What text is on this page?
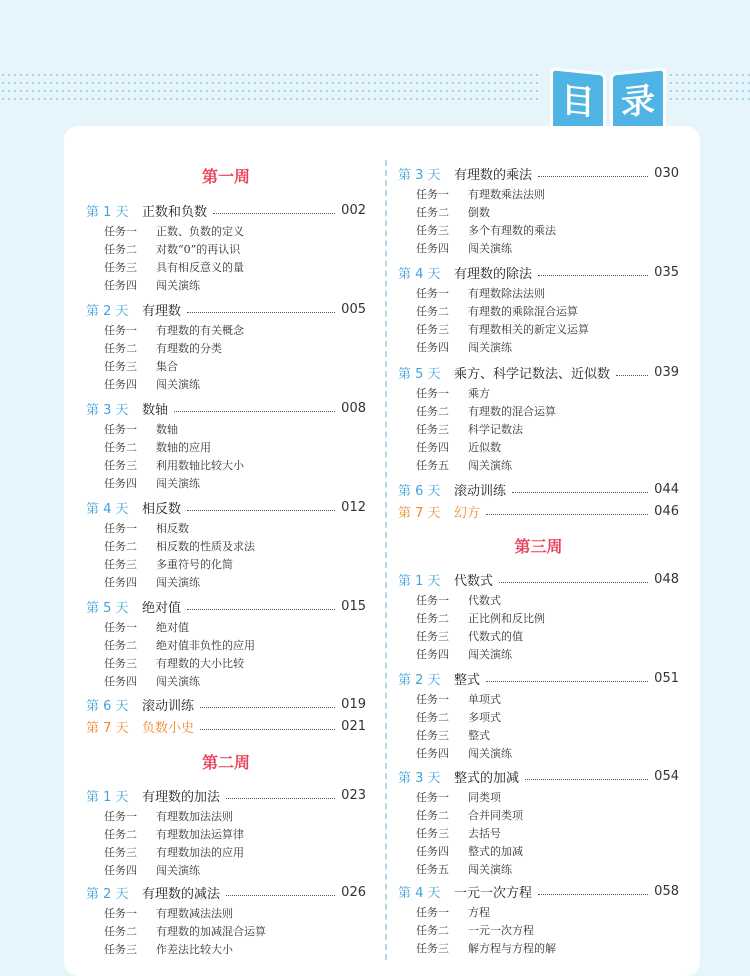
目 录
第一周
第 1 天	正数和负数	002
任务一	正数、负数的定义
任务二	对数“0”的再认识
任务三	具有相反意义的量
任务四	闯关演练
第 2 天	有理数	005
任务一	有理数的有关概念
任务二	有理数的分类
任务三	集合
任务四	闯关演练
第 3 天	数轴	008
任务一	数轴
任务二	数轴的应用
任务三	利用数轴比较大小
任务四	闯关演练
第 4 天	相反数	012
任务一	相反数
任务二	相反数的性质及求法
任务三	多重符号的化简
任务四	闯关演练
第 5 天	绝对值	015
任务一	绝对值
任务二	绝对值非负性的应用
任务三	有理数的大小比较
任务四	闯关演练
第 6 天	滚动训练	019
第 7 天	负数小史	021
第二周
第 1 天	有理数的加法	023
任务一	有理数加法法则
任务二	有理数加法运算律
任务三	有理数加法的应用
任务四	闯关演练
第 2 天	有理数的减法	026
任务一	有理数减法法则
任务二	有理数的加减混合运算
任务三	作差法比较大小
第 3 天	有理数的乘法	030
任务一	有理数乘法法则
任务二	倒数
任务三	多个有理数的乘法
任务四	闯关演练
第 4 天	有理数的除法	035
任务一	有理数除法法则
任务二	有理数的乘除混合运算
任务三	有理数相关的新定义运算
任务四	闯关演练
第 5 天	乘方、科学记数法、近似数	039
任务一	乘方
任务二	有理数的混合运算
任务三	科学记数法
任务四	近似数
任务五	闯关演练
第 6 天	滚动训练	044
第 7 天	幻方	046
第三周
第 1 天	代数式	048
任务一	代数式
任务二	正比例和反比例
任务三	代数式的值
任务四	闯关演练
第 2 天	整式	051
任务一	单项式
任务二	多项式
任务三	整式
任务四	闯关演练
第 3 天	整式的加减	054
任务一	同类项
任务二	合并同类项
任务三	去括号
任务四	整式的加减
任务五	闯关演练
第 4 天	一元一次方程	058
任务一	方程
任务二	一元一次方程
任务三	解方程与方程的解
